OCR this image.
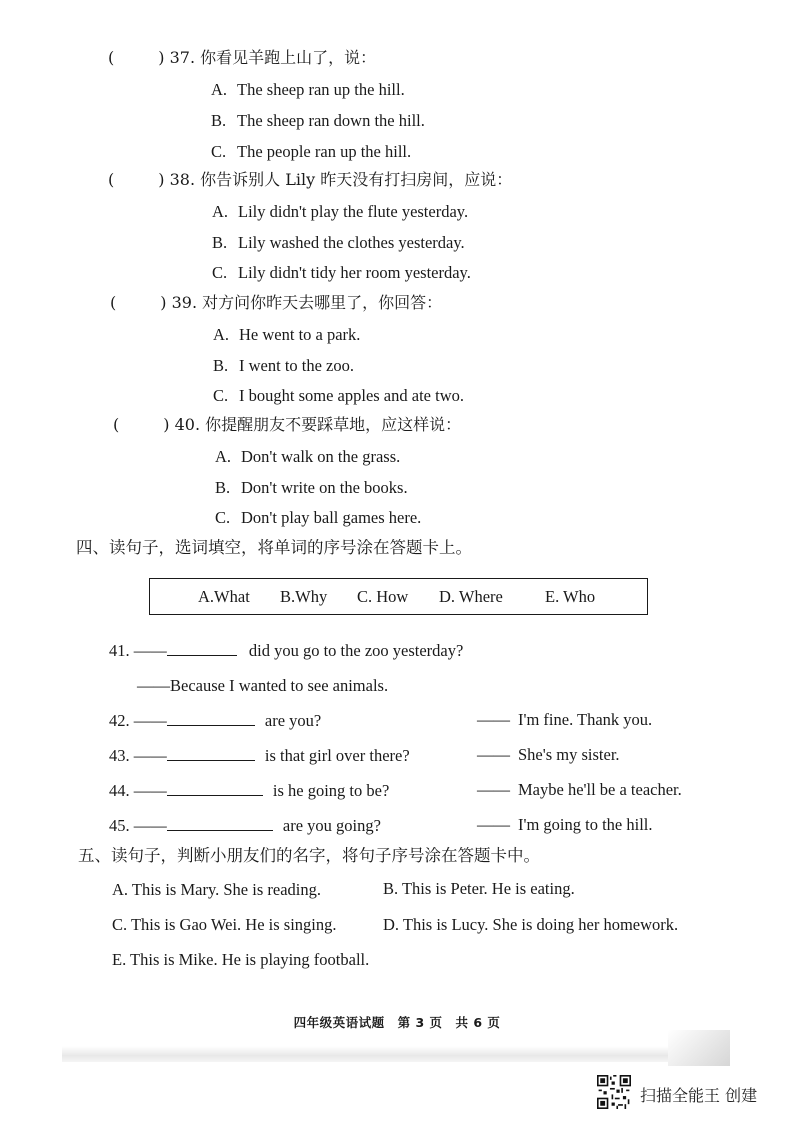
(	) 37. 你看见羊跑上山了，说：
A. The sheep ran up the hill.
B. The sheep ran down the hill.
C. The people ran up the hill.
(	) 38. 你告诉别人 Lily 昨天没有打扫房间，应说：
A. Lily didn't play the flute yesterday.
B. Lily washed the clothes yesterday.
C. Lily didn't tidy her room yesterday.
(	) 39. 对方问你昨天去哪里了，你回答：
A. He went to a park.
B. I went to the zoo.
C. I bought some apples and ate two.
(	) 40. 你提醒朋友不要踩草地，应这样说：
A. Don't walk on the grass.
B. Don't write on the books.
C. Don't play ball games here.
四、读句子，选词填空，将单词的序号涂在答题卡上。
A.What B.Why C. How D. Where	E. Who
41. ——	did you go to the zoo yesterday?
——Because I wanted to see animals.
42. ——	are you?	—— I'm fine. Thank you.
43. ——	is that girl over there?	—— She's my sister.
44. ——	is he going to be?	—— Maybe he'll be a teacher.
45. ——	are you going?	—— I'm going to the hill.
五、读句子，判断小朋友们的名字，将句子序号涂在答题卡中。
A. This is Mary. She is reading.	B. This is Peter. He is eating.
C. This is Gao Wei. He is singing.	D. This is Lucy. She is doing her homework.
E. This is Mike. He is playing football.
四年级英语试题　第 3 页　共 6 页
扫描全能王 创建
